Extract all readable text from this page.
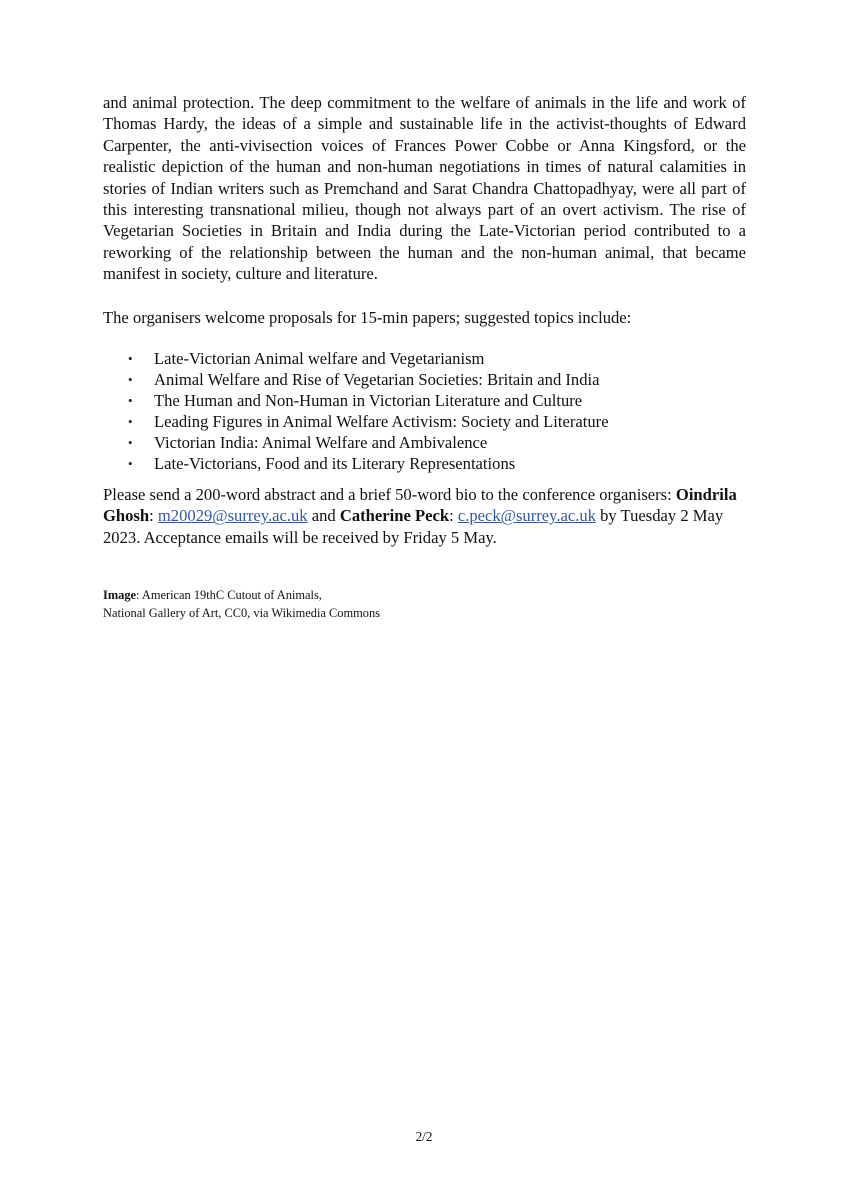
and animal protection. The deep commitment to the welfare of animals in the life and work of Thomas Hardy, the ideas of a simple and sustainable life in the activist-thoughts of Edward Carpenter, the anti-vivisection voices of Frances Power Cobbe or Anna Kingsford, or the realistic depiction of the human and non-human negotiations in times of natural calamities in stories of Indian writers such as Premchand and Sarat Chandra Chattopadhyay, were all part of this interesting transnational milieu, though not always part of an overt activism. The rise of Vegetarian Societies in Britain and India during the Late-Victorian period contributed to a reworking of the relationship between the human and the non-human animal, that became manifest in society, culture and literature.

The organisers welcome proposals for 15-min papers; suggested topics include:

• Late-Victorian Animal welfare and Vegetarianism
• Animal Welfare and Rise of Vegetarian Societies: Britain and India
• The Human and Non-Human in Victorian Literature and Culture
• Leading Figures in Animal Welfare Activism: Society and Literature
• Victorian India: Animal Welfare and Ambivalence
• Late-Victorians, Food and its Literary Representations

Please send a 200-word abstract and a brief 50-word bio to the conference organisers: Oindrila Ghosh: m20029@surrey.ac.uk and Catherine Peck: c.peck@surrey.ac.uk by Tuesday 2 May 2023. Acceptance emails will be received by Friday 5 May.

Image: American 19thC Cutout of Animals,
National Gallery of Art, CC0, via Wikimedia Commons

2/2
